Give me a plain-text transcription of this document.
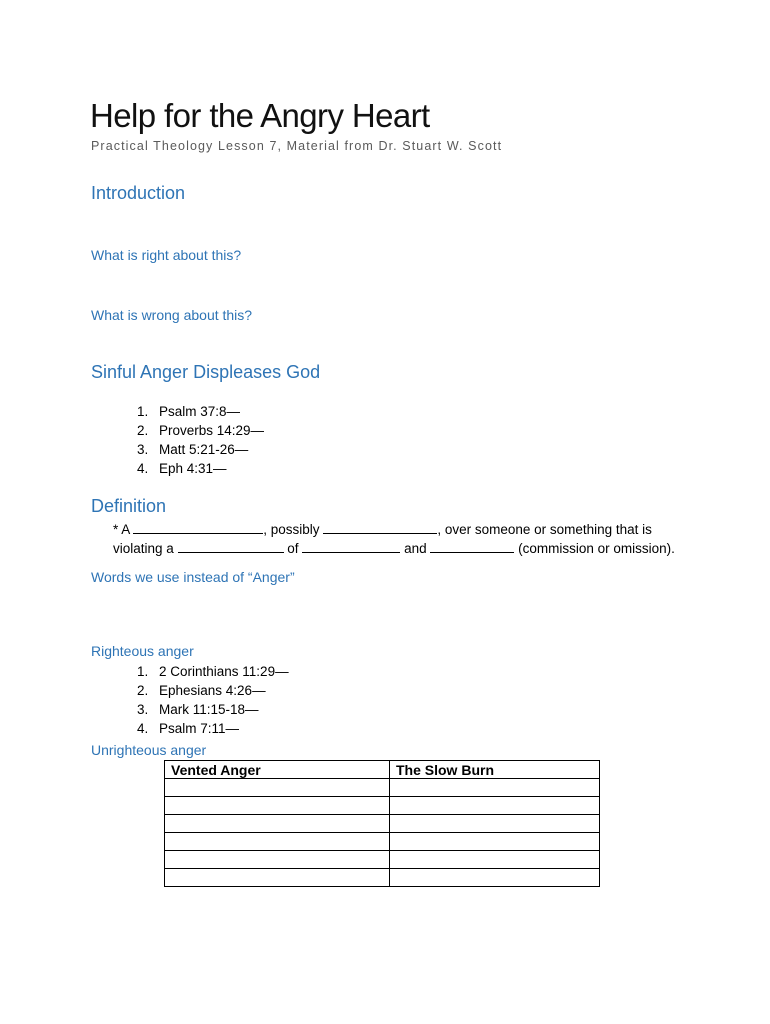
Help for the Angry Heart
Practical Theology Lesson 7, Material from Dr. Stuart W. Scott
Introduction
What is right about this?
What is wrong about this?
Sinful Anger Displeases God
1. Psalm 37:8—
2. Proverbs 14:29—
3. Matt 5:21-26—
4. Eph 4:31—
Definition
* A	, possibly	, over someone or something that is
violating a	of	and	(commission or omission).
Words we use instead of “Anger”
Righteous anger
1. 2 Corinthians 11:29—
2. Ephesians 4:26—
3. Mark 11:15-18—
4. Psalm 7:11—
Unrighteous anger
Vented Anger	The Slow Burn
